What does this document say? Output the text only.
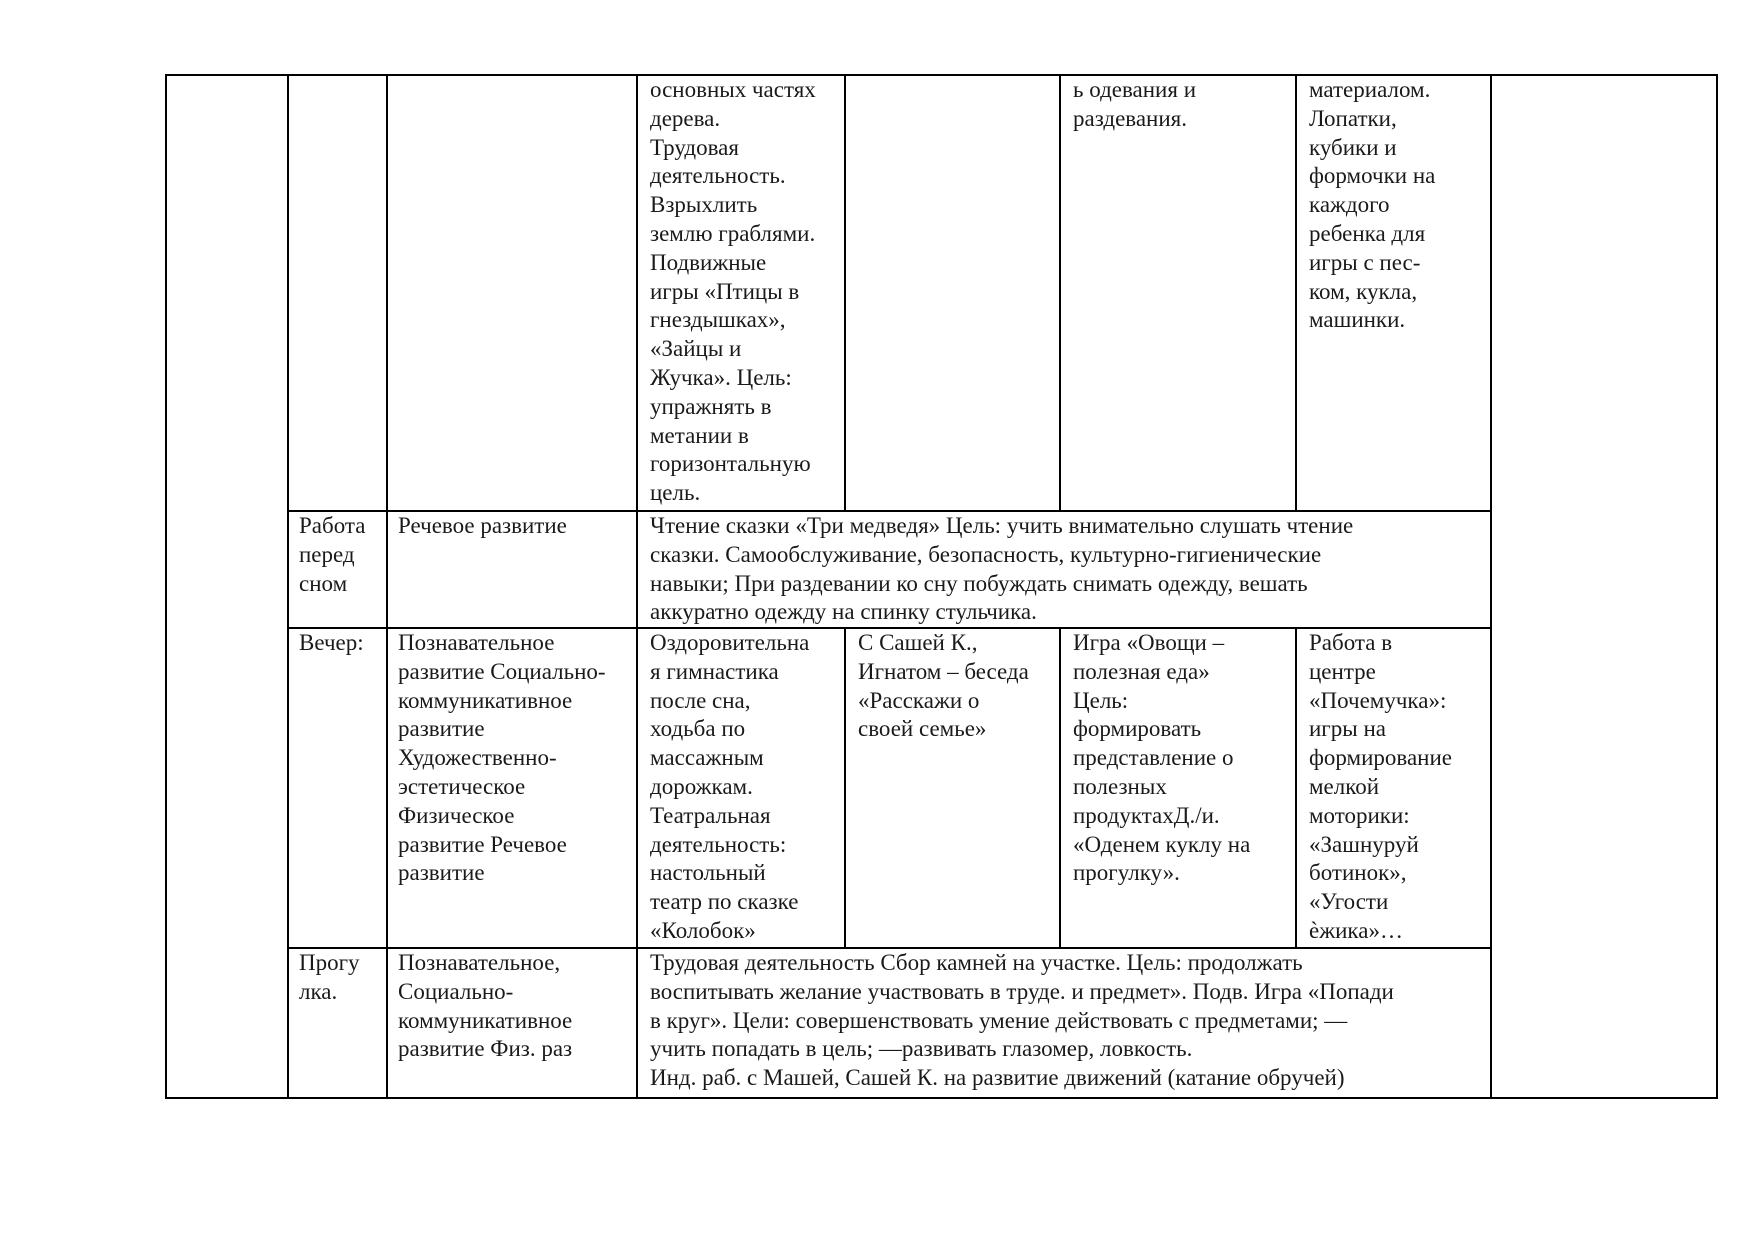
основных частях
дерева.
Трудовая
деятельность.
Взрыхлить
землю граблями.
Подвижные
игры «Птицы в
гнездышках»,
«Зайцы и
Жучка». Цель:
упражнять в
метании в
горизонтальную
цель.
ь одевания и
раздевания.
материалом.
Лопатки,
кубики и
формочки на
каждого
ребенка для
игры с пес-
ком, кукла,
машинки.
Работа
перед
сном
Речевое развитие	Чтение сказки «Три медведя» Цель: учить внимательно слушать чтение
сказки. Самообслуживание, безопасность, культурно-гигиенические
навыки; При раздевании ко сну побуждать снимать одежду, вешать
аккуратно одежду на спинку стульчика.
Вечер:	Познавательное
развитие Социально-
коммуникативное
развитие
Художественно-
эстетическое
Физическое
развитие Речевое
развитие
Оздоровительна
я гимнастика
после сна,
ходьба по
массажным
дорожкам.
Театральная
деятельность:
настольный
театр по сказке
«Колобок»
С Сашей К.,
Игнатом – беседа
«Расскажи о
своей семье»
Игра «Овощи –
полезная еда»
Цель:
формировать
представление о
полезных
продуктахД./и.
«Оденем куклу на
прогулку».
Работа в
центре
«Почемучка»:
игры на
формирование
мелкой
моторики:
«Зашнуруй
ботинок»,
«Угости
ѐжика»…
Прогу
лка.
Познавательное,
Социально-
коммуникативное
развитие Физ. раз
Трудовая деятельность Сбор камней на участке. Цель: продолжать
воспитывать желание участвовать в труде. и предмет». Подв. Игра «Попади
в круг». Цели: совершенствовать умение действовать с предметами; —
учить попадать в цель; —развивать глазомер, ловкость.
Инд. раб. с Машей, Сашей К. на развитие движений (катание обручей)
